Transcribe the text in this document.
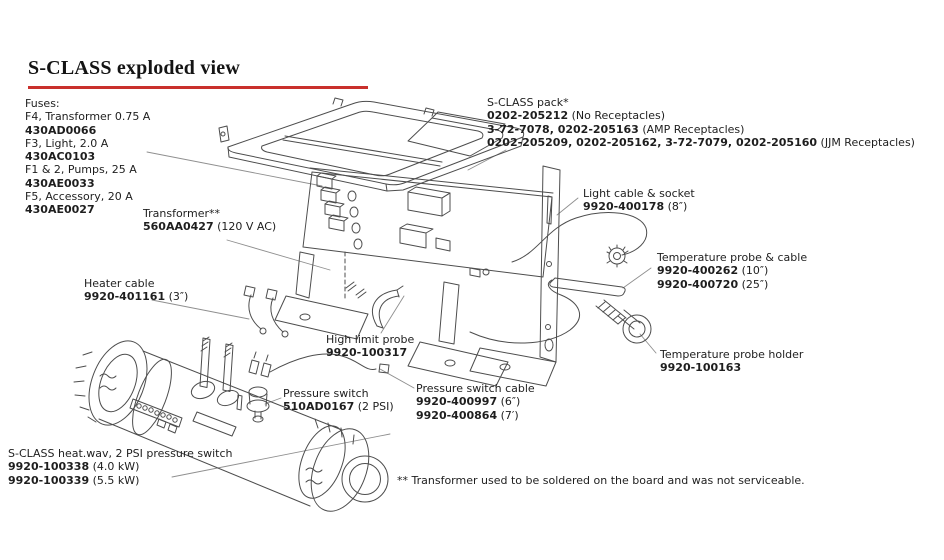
S-CLASS exploded view
Fuses:
F4, Transformer 0.75 A
430AD0066
F3, Light, 2.0 A
430AC0103
F1 & 2, Pumps, 25 A
430AE0033
F5, Accessory, 20 A
430AE0027
S-CLASS pack*
0202-205212 (No Receptacles)
3-72-7078, 0202-205163 (AMP Receptacles)
0202-205209, 0202-205162, 3-72-7079, 0202-205160 (JJM Receptacles)
Transformer**
560AA0427 (120 V AC)
Light cable & socket
9920-400178 (8″)
Temperature probe & cable
9920-400262 (10″)
9920-400720 (25″)
Heater cable
9920-401161 (3″)
High limit probe
9920-100317
Pressure switch
510AD0167 (2 PSI)
Pressure switch cable
9920-400997 (6″)
9920-400864 (7′)
Temperature probe holder
9920-100163
S-CLASS heat.wav, 2 PSI pressure switch
9920-100338 (4.0 kW)
9920-100339 (5.5 kW)	** Transformer used to be soldered on the board and was not serviceable.
